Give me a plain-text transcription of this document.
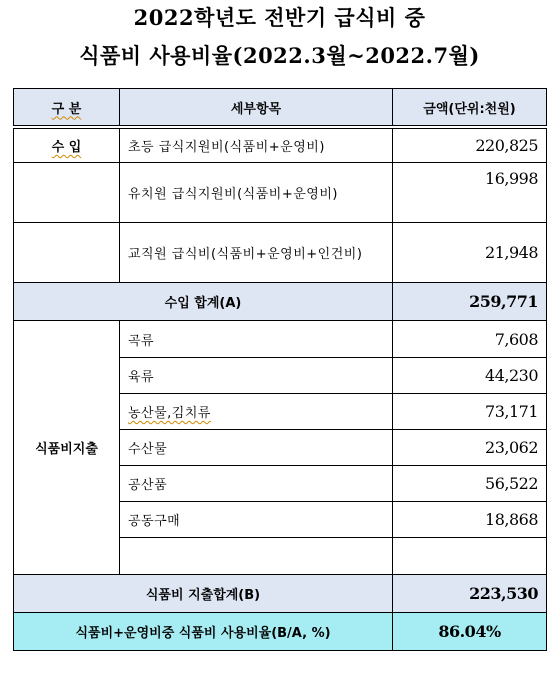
2022학년도 전반기 급식비 중
식품비 사용비율(2022.3월~2022.7월)
구 분	세부항목	금액(단위:천원)

수 입	초등 급식지원비(식품비+운영비)	220,825
	유치원 급식지원비(식품비+운영비)	16,998
	교직원 급식비(식품비+운영비+인건비)	21,948
수입 합계(A)		259,771
식품비지출	곡류	7,608
	육류	44,230
	농산물,김치류	73,171
	수산물	23,062
	공산품	56,522
	공동구매	18,868

식품비 지출합계(B)		223,530
식품비+운영비중 식품비 사용비율(B/A, %)		86.04%
